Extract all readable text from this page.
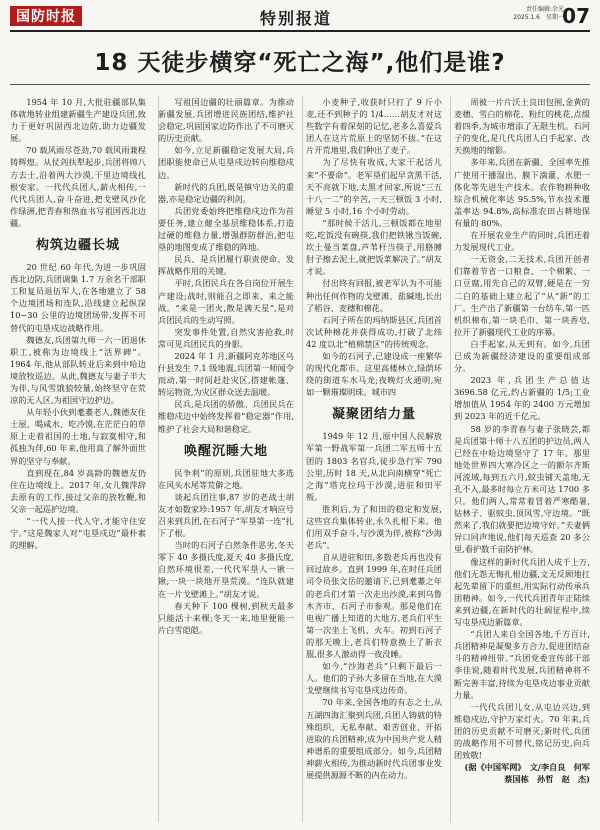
国防时报	特别报道	责任编辑:余光
2025.1.6　星期一
07
18 天徒步横穿“死亡之海”,他们是谁?

1954 年 10 月,大批驻疆部队集体就地转业组建新疆生产建设兵团,致力于更好巩固西北边防,助力边疆发展。

70 载风雨尽苍劲,70 载风雨兼程铸辉煌。从仗剑扶犁起步,兵团将帅八方去士,沿着两大沙漠,干里边境线扎根安家。一代代兵团人,薪火相传,一代代兵团人,奋斗奋进,把戈壁风沙化作绿洲,把青春和热血书写祖国西北边疆。

构筑边疆长城

20 世纪 60 年代,为进一步巩固西北边防,兵团调集 1.7 万余名干部职工和复员退伍军人,在各地建立了 58 个边境团场和连队,沿线建立起纵深 10~30 公里的边境团场带,发挥不可替代的屯垦戍边战略作用。

魏德友,兵团第九师一六一团退休职工,被称为边境线上“活界碑”。1964 年,他从部队转业后来到中哈边境放牧巡边。从此,魏德友与妻子半大为伴,与风雪饿狼较量,始终坚守在荒凉的无人区,为祖国守边护边。

从年轻小伙到耄耋老人,魏德友住土屋、喝咸水、吃冷馍,在茫茫白的草原上走着祖国的土地,与寂寞相守,和孤独为伴,60 年来,他用真了解外面世界的坚守与奉献。

直到现在,84 岁高龄的魏德友仍住在边境线上。2017 年,女儿魏萍辞去原有的工作,接过父亲的放牧鞭,和父亲一起巡护边境。

“一代人接一代人守,才能守住安宁。”这是魏家人对“屯垦戍边”最朴素的理解。

写祖国边疆的壮丽篇章。为推动新疆发展,兵团增进民族团结,维护社会稳定,巩固国家边防作出了不可磨灭的历史贡献。

如今,立足新疆稳定发展大局,兵团职能使命已从屯垦戍边转向维稳戍边。

新时代的兵团,既是镇守边关的重器,亦是稳定边疆的利剑。

兵团党委始终把维稳戍边作为首要任务,建立健全基层维稳体系,打造过硬的维稳力量,增强群防群治,把屯垦的地图变成了维稳的阵地。

民兵、是兵团履行职责使命、发挥战略作用的关键。

平时,兵团民兵在各自岗位开展生产建设;战时,则能召之即来、来之能战。“来是一团火,散是满天星”,是对兵团民兵的生动写照。

突发事件处置,自然灾害抢救,时常可见兵团民兵的身影。

2024 年 1 月,新疆阿克苏地区乌什县发生 7.1 级地震,兵团第一师闻令而动,第一时间赶赴灾区,搭建帐篷、转运物资,为灾区群众送去温暖。

民兵,是兵团的骄傲。兵团民兵在维稳戍边中始终发挥着“稳定器”作用,维护了社会大局和谐稳定。

唤醒沉睡大地

民争利”的原则,兵团驻地大多选在风头水尾等荒僻之地。

谈起兵团往事,87 岁的老战士胡友才如数家珍:1957 年,胡友才响应号召来到兵团,在石河子“军垦第一连”扎下了根。

当时的石河子白然条件恶劣,冬天零下 40 多摄氏度,夏天 40 多摄氏度,自然环境很差,一代代军垦人一锹一锹,一块一块地开垦荒漠。“连队就建在一片戈壁滩上。”胡友才说。

春天种下 100 棵树,到秋天最多只能活十来棵;冬天一来,地里便能一片白雪皑皑。

小麦种子,收获时只打了 9 斤小麦,还不到种子的 1/4……胡友才对这些数字有着深刻的记忆,老多么喜爱兵团人在这片荒原上的坚韧不拔。”在这片开荒地里,我们种出了麦子。

为了尽快有收成,大家干起活儿来“不要命”。老军垦们起早贪黑干活,天不亮就下地,太黑才回家,所说“三五十八一二”的辛苦,一天三顿饭 3 小时,睡觉 5 小时,16 个小时劳动。

“那时候干活儿,三顿饭都在地里吃,吃饭没有碗筷,我们把铁锹当饭碗,坎土曼当菜盘,芦苇杆当筷子,用胳膊肘子擦去泥土,就把饭菜解决了。”胡友才说。

付出终有回报,被老军认为不可能种出任何作物的戈壁滩、盐碱地,长出了稻谷、麦穗和棉花。

石河子所在的玛纳斯县区,兵团首次试种棉花并获得成功,打破了北纬 42 度以北“植棉禁区”的传统观念。

如今的石河子,已建设成一座繁华的现代化都市。这里高楼林立,绿荫环绕的街道车水马龙;夜晚灯火通明,宛如一颗璀璨明珠。城市四

凝聚团结力量

1949 年 12 月,原中国人民解放军第一野战军第一兵团二军五师十五团的 1803 名官兵,徒步急行军 790 公里,历时 18 天,从北向南横穿“死亡之海”塔克拉玛干沙漠,进驻和田平叛。

胜利后,为了和田的稳定和发展,这些官兵集体转业,永久扎根下来。他们用双手奋斗,与沙漠为伴,被称“沙海老兵”。

自从进驻和田,多数老兵再也没有回过故乡。直到 1999 年,在时任兵团司令员张文岳的邀请下,已到耄耋之年的老兵们才第一次走出沙漠,来到乌鲁木齐市、石河子市参观。那是他们在电视广播上知道的大地方,老兵们平生第一次坐上飞机、火车。初到石河子的那天晚上,老兵们特意换上了新衣服,很多人激动得一夜没睡。

如今,“沙海老兵”只剩下最后一人。他们的子孙大多留在当地,在大漠戈壁继续书写屯垦戍边传奇。

70 年来,全国各地的有志之士,从五湖四海汇聚到兵团,兵团人铸就的特殊组织、无私奉献、艰苦创业、开拓进取的兵团精神,成为中国共产党人精神谱系的重要组成部分。如今,兵团精神薪火相传,为推动新时代兵团事业发展提供源源不断的内在动力。

周被一片片沃土良田包围,金黄的麦穗、雪白的棉花、粉红的桃花,点缀着四季,为城市增添了无限生机。石河子的变化,是几代兵团人白手起家、改天换地的缩影。

多年来,兵团在新疆、全国率先推广使用干播湿出、膜下滴灌、水肥一体化等先进生产技术。农作物耕种收综合机械化率达 95.5%,节水技术覆盖率达 94.8%,高标准农田占耕地保有量的 80%。

在开展农业生产的同时,兵团还着力发展现代工业。

一无资金,二无技术,兵团开创者们靠着节省一口粮食、一个棉絮、一口豆腐,用先自己的双臂,硬是在一穷二白的基础上建立起了“从“新”的工厂。生产出了新疆第一台纺车,第一匹机织棉布,第一块毛巾、第一块香皂,拉开了新疆现代工业的序幕。

白手起家,从无到有。如今,兵团已成为新疆经济建设的重要组成部分。

2023 年,兵团生产总值达 3696.58 亿元,约占新疆的 1/5;工业增加值从 1954 年的 2400 万元增加到 2023 年的近千亿元。

58 岁的李青春与妻子张晓芸,都是兵团第十师十八五团的护边员,两人已经在中哈边境坚守了 17 年。那里地处世界四大寒冷区之一的额尔齐斯河流域,每到五六月,蚊虫铺天盖地,无孔不入,最多时每立方米可达 1700 多只。他们两人,常常着冒着严寒酷暑,钻林子、驱蚊虫,顶风雪,守边境。“既然来了,我们就要把边境守好。”夫妻俩异口同声地说,他们每天巡查 20 多公里,看护数千亩防护林。

像这样的新时代兵团人成千上万,他们无怨无悔扎根边疆,文无反顾地扛起先辈留下的重担,用实际行动传承兵团精神。如今,一代代兵团青年正陆续来到边疆,在新时代的壮阔征程中,续写屯垦戍边新篇章。

“兵团人来自全国各地,千方百计,兵团精神是凝聚多方合力,促进团结奋斗的精神纽带。”兵团党委宣传部干部李佳说,随着时代发展,兵团精神将不断完善丰富,持续为屯垦戍边事业贡献力量。

一代代兵团儿女,从屯边兴边,到维稳戍边,守护万家灯火。70 年来,兵团的历史贡献不可磨灭;新时代,兵团的战略作用不可替代,铭记历史,向兵团致敬!

(据《中国军网》　文/李自良　何军　蔡国栋　孙哲　赵　杰)
